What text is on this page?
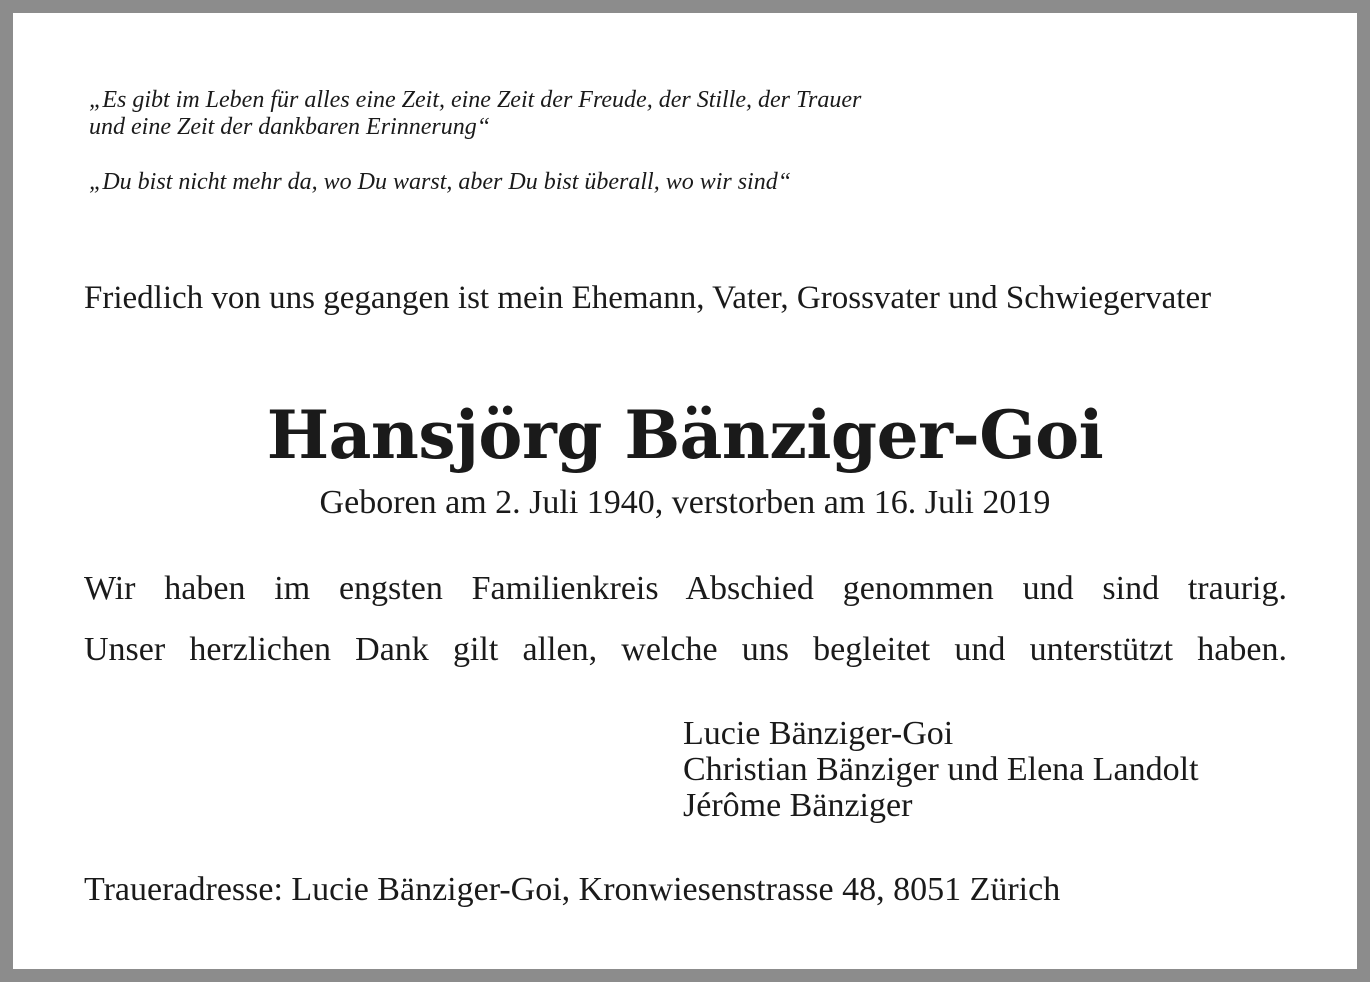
„Es gibt im Leben für alles eine Zeit, eine Zeit der Freude, der Stille, der Trauer
und eine Zeit der dankbaren Erinnerung“
„Du bist nicht mehr da, wo Du warst, aber Du bist überall, wo wir sind“

Friedlich von uns gegangen ist mein Ehemann, Vater, Grossvater und Schwiegervater

Hansjörg Bänziger-Goi

Geboren am 2. Juli 1940, verstorben am 16. Juli 2019

Wir haben im engsten Familienkreis Abschied genommen und sind traurig.

Unser herzlichen Dank gilt allen, welche uns begleitet und unterstützt haben.

Lucie Bänziger-Goi
Christian Bänziger und Elena Landolt
Jérôme Bänziger

Traueradresse: Lucie Bänziger-Goi, Kronwiesenstrasse 48, 8051 Zürich
